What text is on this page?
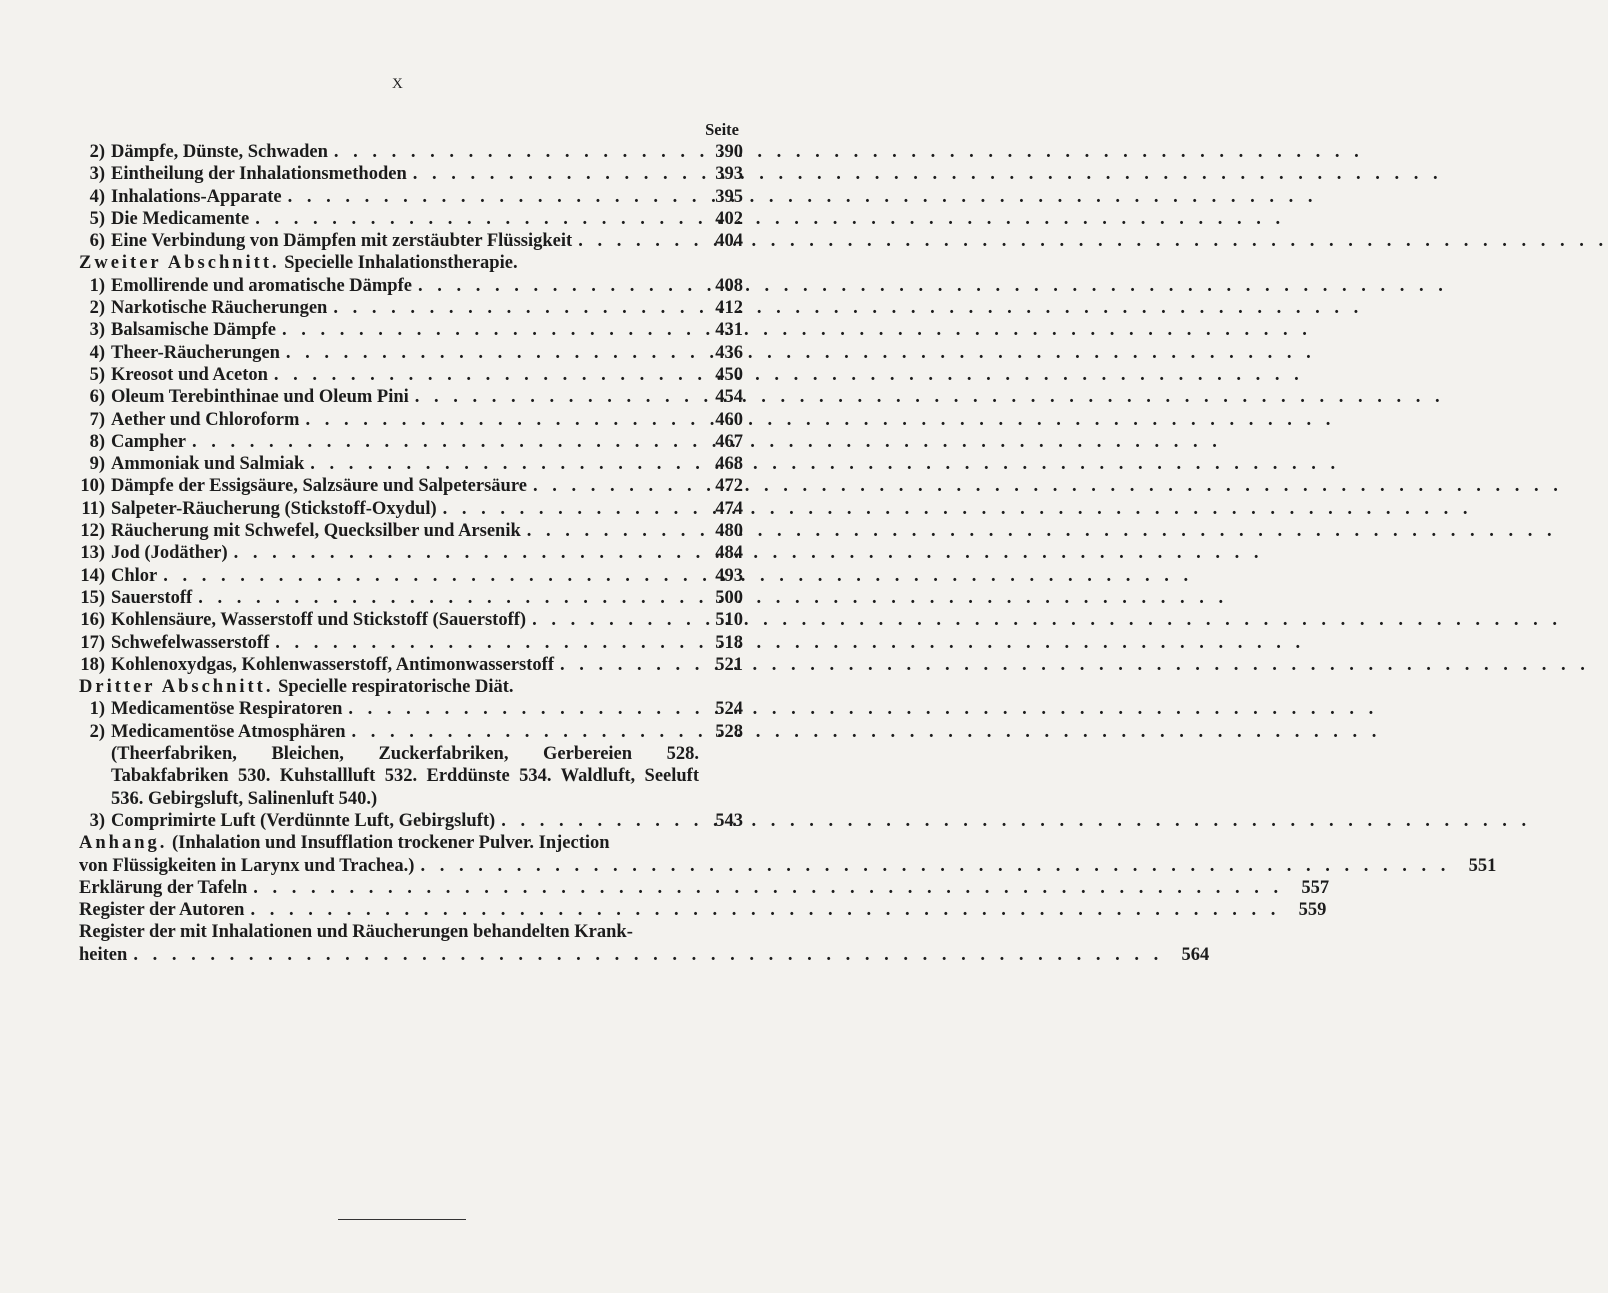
X
Seite
2) Dämpfe, Dünste, Schwaden . . .	390
3) Eintheilung der Inhalationsmethoden . . .	393
4) Inhalations-Apparate . . .	395
5) Die Medicamente . . .	402
6) Eine Verbindung von Dämpfen mit zerstäubter Flüssigkeit . . .	404
Zweiter Abschnitt. Specielle Inhalationstherapie.
1) Emollirende und aromatische Dämpfe . . .	408
2) Narkotische Räucherungen . . .	412
3) Balsamische Dämpfe . . .	431
4) Theer-Räucherungen . . .	436
5) Kreosot und Aceton . . .	450
6) Oleum Terebinthinae und Oleum Pini . . .	454
7) Aether und Chloroform . . .	460
8) Campher . . .	467
9) Ammoniak und Salmiak . . .	468
10) Dämpfe der Essigsäure, Salzsäure und Salpetersäure . . .	472
11) Salpeter-Räucherung (Stickstoff-Oxydul) . . .	474
12) Räucherung mit Schwefel, Quecksilber und Arsenik . . .	480
13) Jod (Jodäther) . . .	484
14) Chlor . . .	493
15) Sauerstoff . . .	500
16) Kohlensäure, Wasserstoff und Stickstoff (Sauerstoff) . . .	510
17) Schwefelwasserstoff . . .	518
18) Kohlenoxydgas, Kohlenwasserstoff, Antimonwasserstoff . . .	521
Dritter Abschnitt. Specielle respiratorische Diät.
1) Medicamentöse Respiratoren . . .	524
2) Medicamentöse Atmosphären . . .	528
(Theerfabriken, Bleichen, Zuckerfabriken, Gerbereien 528. Tabakfabriken 530. Kuhstallluft 532. Erddünste 534. Waldluft, Seeluft 536. Gebirgsluft, Salinenluft 540.)
3) Comprimirte Luft (Verdünnte Luft, Gebirgsluft) . . .	543
Anhang. (Inhalation und Insufflation trockener Pulver. Injection
von Flüssigkeiten in Larynx und Trachea.) . . .	551
Erklärung der Tafeln . . .	557
Register der Autoren . . .	559
Register der mit Inhalationen und Räucherungen behandelten Krank-
heiten . . .	564
